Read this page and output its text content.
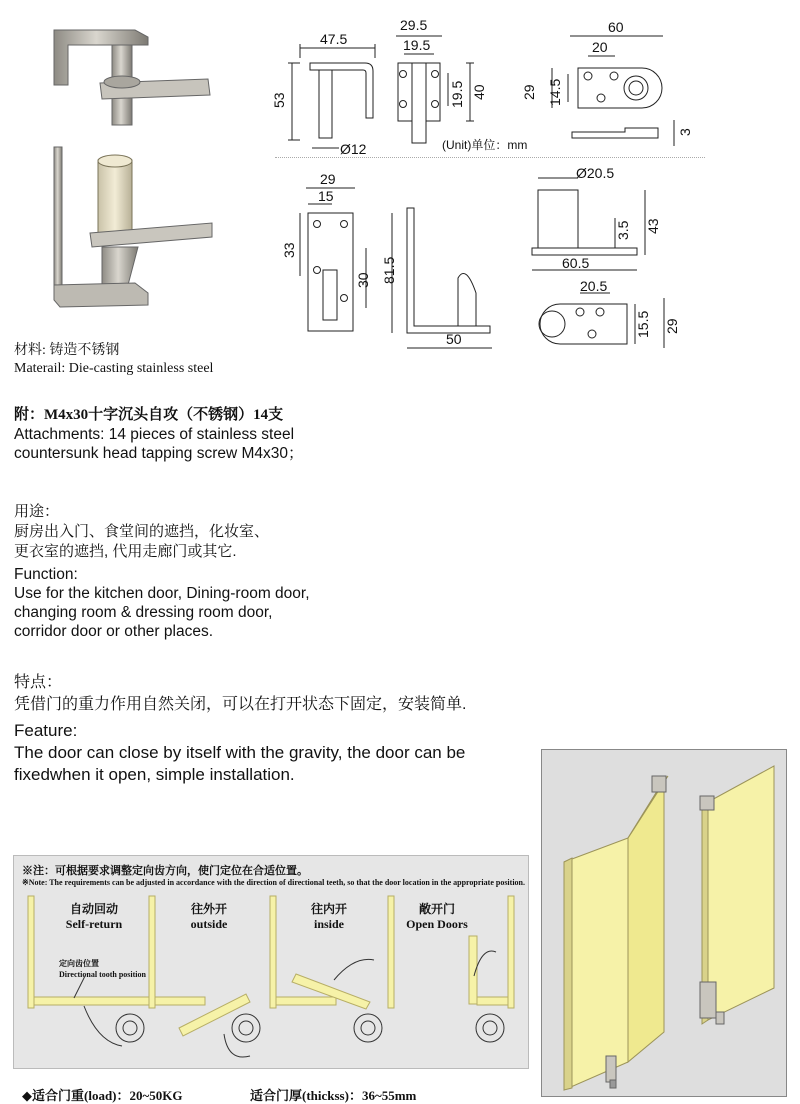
47.5
53
Ø12
29.5
19.5
19.5 40
60
20
29 14.5
3
(Unit)单位：mm
29
15
33
30 81.5
50
Ø20.5
3.5 43
60.5
20.5
15.5 29
材料: 铸造不锈钢
Materail: Die-casting stainless steel
附：M4x30十字沉头自攻（不锈钢）14支
Attachments: 14 pieces of stainless steel
countersunk head tapping screw M4x30；
用途：
厨房出入门、食堂间的遮挡，化妆室、
更衣室的遮挡, 代用走廊门或其它.
Function:
Use for the kitchen door, Dining-room door,
changing room & dressing room door,
corridor door or other places.
特点：
凭借门的重力作用自然关闭，可以在打开状态下固定，安装简单.
Feature:
The door can close by itself with the gravity, the door can be
fixedwhen it open, simple installation.
※注：可根据要求调整定向齿方向，使门定位在合适位置。
※Note: The requirements can be adjusted in accordance with the direction of directional teeth, so that the door location in the appropriate position.
自动回动
Self-return
往外开
outside
往内开
inside
敞开门
Open Doors
定向齿位置
Directional tooth position
◆适合门重(load)：20~50KG	适合门厚(thickss)：36~55mm
